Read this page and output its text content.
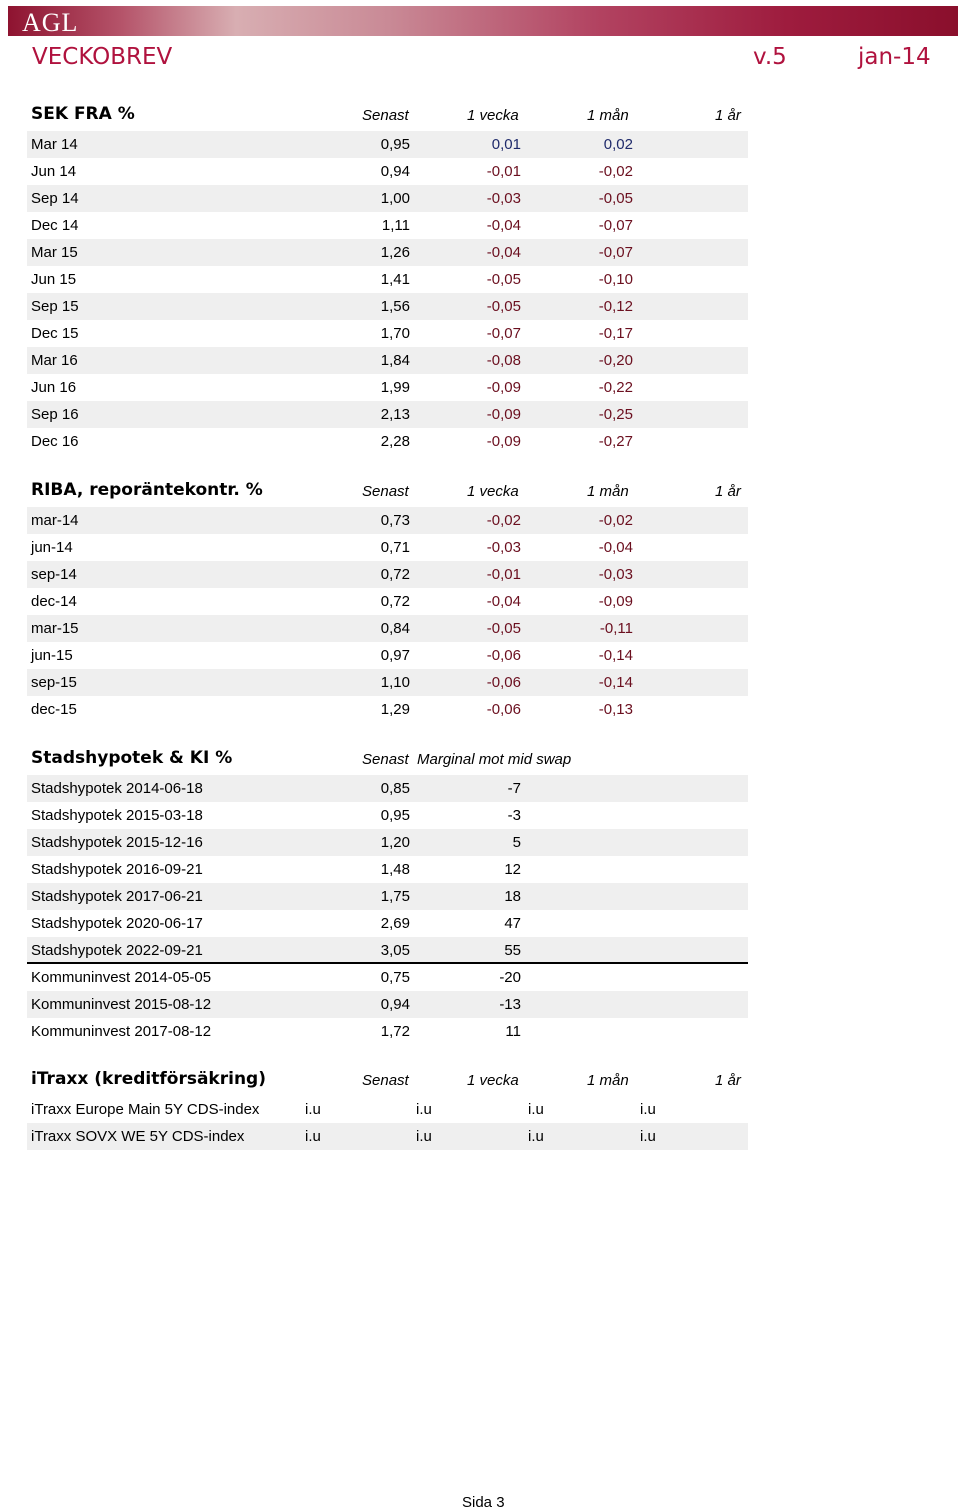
AGL
VECKOBREV	v.5	jan-14
SEK FRA %	Senast	1 vecka	1 mån	1 år
Mar 14	0,95	0,01	0,02
Jun 14	0,94	-0,01	-0,02
Sep 14	1,00	-0,03	-0,05
Dec 14	1,11	-0,04	-0,07
Mar 15	1,26	-0,04	-0,07
Jun 15	1,41	-0,05	-0,10
Sep 15	1,56	-0,05	-0,12
Dec 15	1,70	-0,07	-0,17
Mar 16	1,84	-0,08	-0,20
Jun 16	1,99	-0,09	-0,22
Sep 16	2,13	-0,09	-0,25
Dec 16	2,28	-0,09	-0,27
RIBA, reporäntekontr. %	Senast	1 vecka	1 mån	1 år
mar-14	0,73	-0,02	-0,02
jun-14	0,71	-0,03	-0,04
sep-14	0,72	-0,01	-0,03
dec-14	0,72	-0,04	-0,09
mar-15	0,84	-0,05	-0,11
jun-15	0,97	-0,06	-0,14
sep-15	1,10	-0,06	-0,14
dec-15	1,29	-0,06	-0,13
Stadshypotek & KI %	Senast Marginal mot mid swap
Stadshypotek 2014-06-18	0,85	-7
Stadshypotek 2015-03-18	0,95	-3
Stadshypotek 2015-12-16	1,20	5
Stadshypotek 2016-09-21	1,48	12
Stadshypotek 2017-06-21	1,75	18
Stadshypotek 2020-06-17	2,69	47
Stadshypotek 2022-09-21	3,05	55
Kommuninvest 2014-05-05	0,75	-20
Kommuninvest 2015-08-12	0,94	-13
Kommuninvest 2017-08-12	1,72	11
iTraxx (kreditförsäkring)	Senast	1 vecka	1 mån	1 år
iTraxx Europe Main 5Y CDS-index	i.u	i.u	i.u	i.u
iTraxx SOVX WE 5Y CDS-index	i.u	i.u	i.u	i.u
Sida 3
